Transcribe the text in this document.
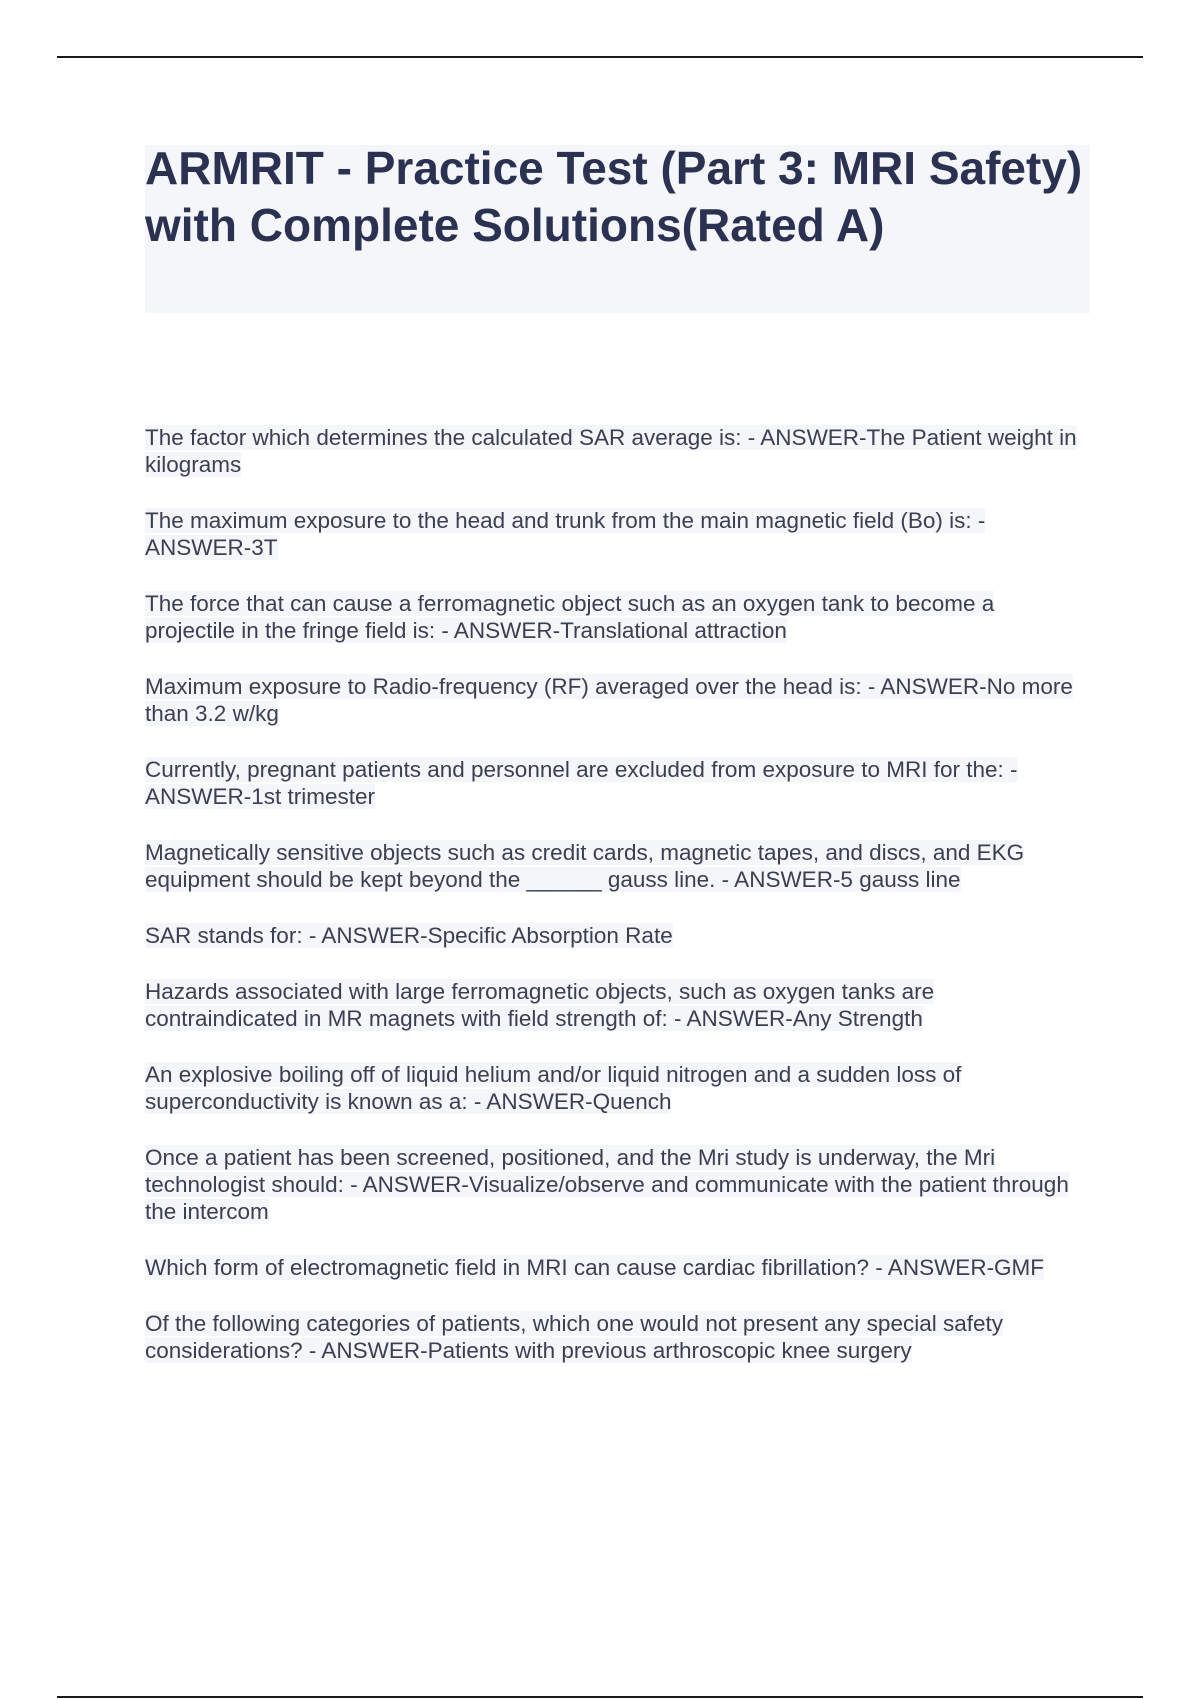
ARMRIT - Practice Test (Part 3: MRI Safety) with Complete Solutions(Rated A)
The factor which determines the calculated SAR average is: - ANSWER-The Patient weight in kilograms
The maximum exposure to the head and trunk from the main magnetic field (Bo) is: - ANSWER-3T
The force that can cause a ferromagnetic object such as an oxygen tank to become a projectile in the fringe field is: - ANSWER-Translational attraction
Maximum exposure to Radio-frequency (RF) averaged over the head is: - ANSWER-No more than 3.2 w/kg
Currently, pregnant patients and personnel are excluded from exposure to MRI for the: - ANSWER-1st trimester
Magnetically sensitive objects such as credit cards, magnetic tapes, and discs, and EKG equipment should be kept beyond the ______ gauss line. - ANSWER-5 gauss line
SAR stands for: - ANSWER-Specific Absorption Rate
Hazards associated with large ferromagnetic objects, such as oxygen tanks are contraindicated in MR magnets with field strength of: - ANSWER-Any Strength
An explosive boiling off of liquid helium and/or liquid nitrogen and a sudden loss of superconductivity is known as a: - ANSWER-Quench
Once a patient has been screened, positioned, and the Mri study is underway, the Mri technologist should: - ANSWER-Visualize/observe and communicate with the patient through the intercom
Which form of electromagnetic field in MRI can cause cardiac fibrillation? - ANSWER-GMF
Of the following categories of patients, which one would not present any special safety considerations? - ANSWER-Patients with previous arthroscopic knee surgery
